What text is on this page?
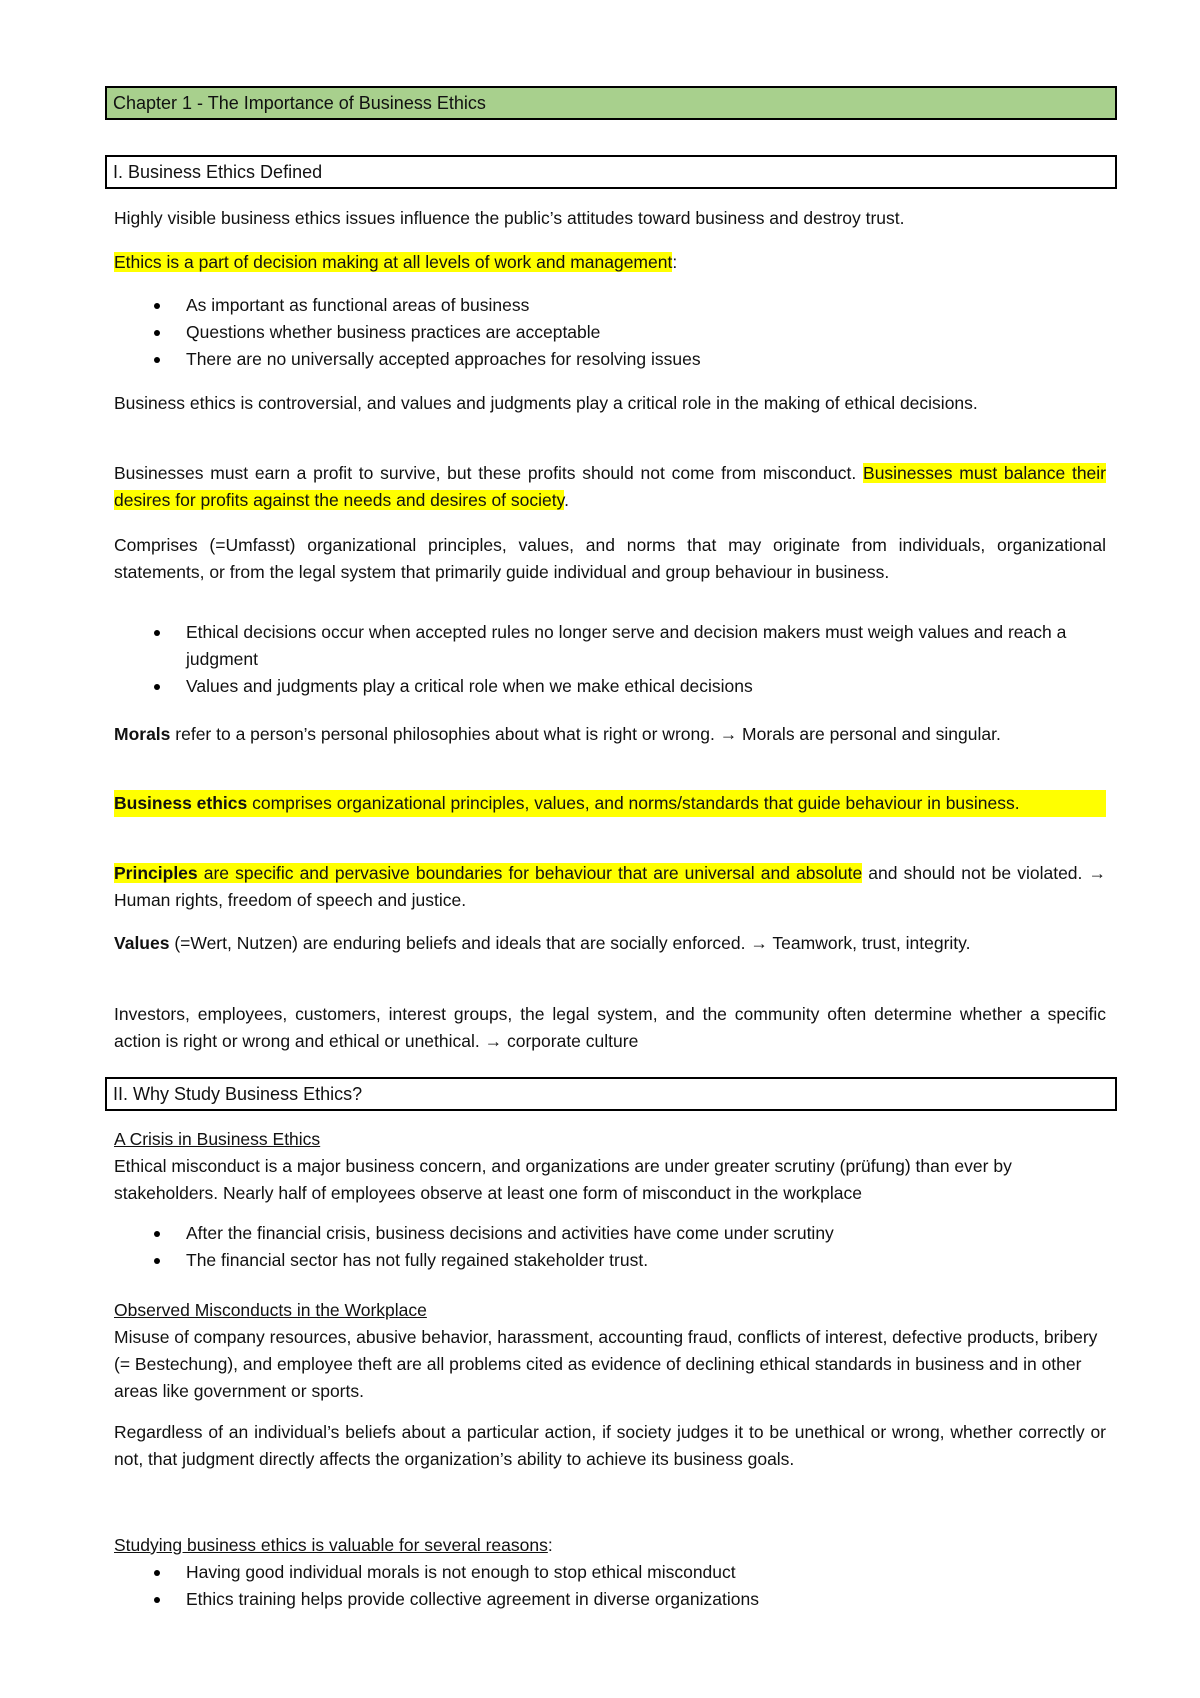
Chapter 1 - The Importance of Business Ethics
I. Business Ethics Defined

Highly visible business ethics issues influence the public’s attitudes toward business and destroy trust.

Ethics is a part of decision making at all levels of work and management:

As important as functional areas of business
Questions whether business practices are acceptable
There are no universally accepted approaches for resolving issues

Business ethics is controversial, and values and judgments play a critical role in the making of ethical decisions.

Businesses must earn a profit to survive, but these profits should not come from misconduct. Businesses must balance their desires for profits against the needs and desires of society.

Comprises (=Umfasst) organizational principles, values, and norms that may originate from individuals, organizational statements, or from the legal system that primarily guide individual and group behaviour in business.

Ethical decisions occur when accepted rules no longer serve and decision makers must weigh values and reach a judgment
Values and judgments play a critical role when we make ethical decisions

Morals refer to a person’s personal philosophies about what is right or wrong. → Morals are personal and singular.

Business ethics comprises organizational principles, values, and norms/standards that guide behaviour in business.

Principles are specific and pervasive boundaries for behaviour that are universal and absolute and should not be violated. → Human rights, freedom of speech and justice.

Values (=Wert, Nutzen) are enduring beliefs and ideals that are socially enforced. → Teamwork, trust, integrity.

Investors, employees, customers, interest groups, the legal system, and the community often determine whether a specific action is right or wrong and ethical or unethical. → corporate culture

II. Why Study Business Ethics?

A Crisis in Business Ethics

Ethical misconduct is a major business concern, and organizations are under greater scrutiny (prüfung) than ever by stakeholders. Nearly half of employees observe at least one form of misconduct in the workplace

After the financial crisis, business decisions and activities have come under scrutiny
The financial sector has not fully regained stakeholder trust.

Observed Misconducts in the Workplace

Misuse of company resources, abusive behavior, harassment, accounting fraud, conflicts of interest, defective products, bribery (= Bestechung), and employee theft are all problems cited as evidence of declining ethical standards in business and in other areas like government or sports.

Regardless of an individual’s beliefs about a particular action, if society judges it to be unethical or wrong, whether correctly or not, that judgment directly affects the organization’s ability to achieve its business goals.

Studying business ethics is valuable for several reasons:

Having good individual morals is not enough to stop ethical misconduct
Ethics training helps provide collective agreement in diverse organizations
